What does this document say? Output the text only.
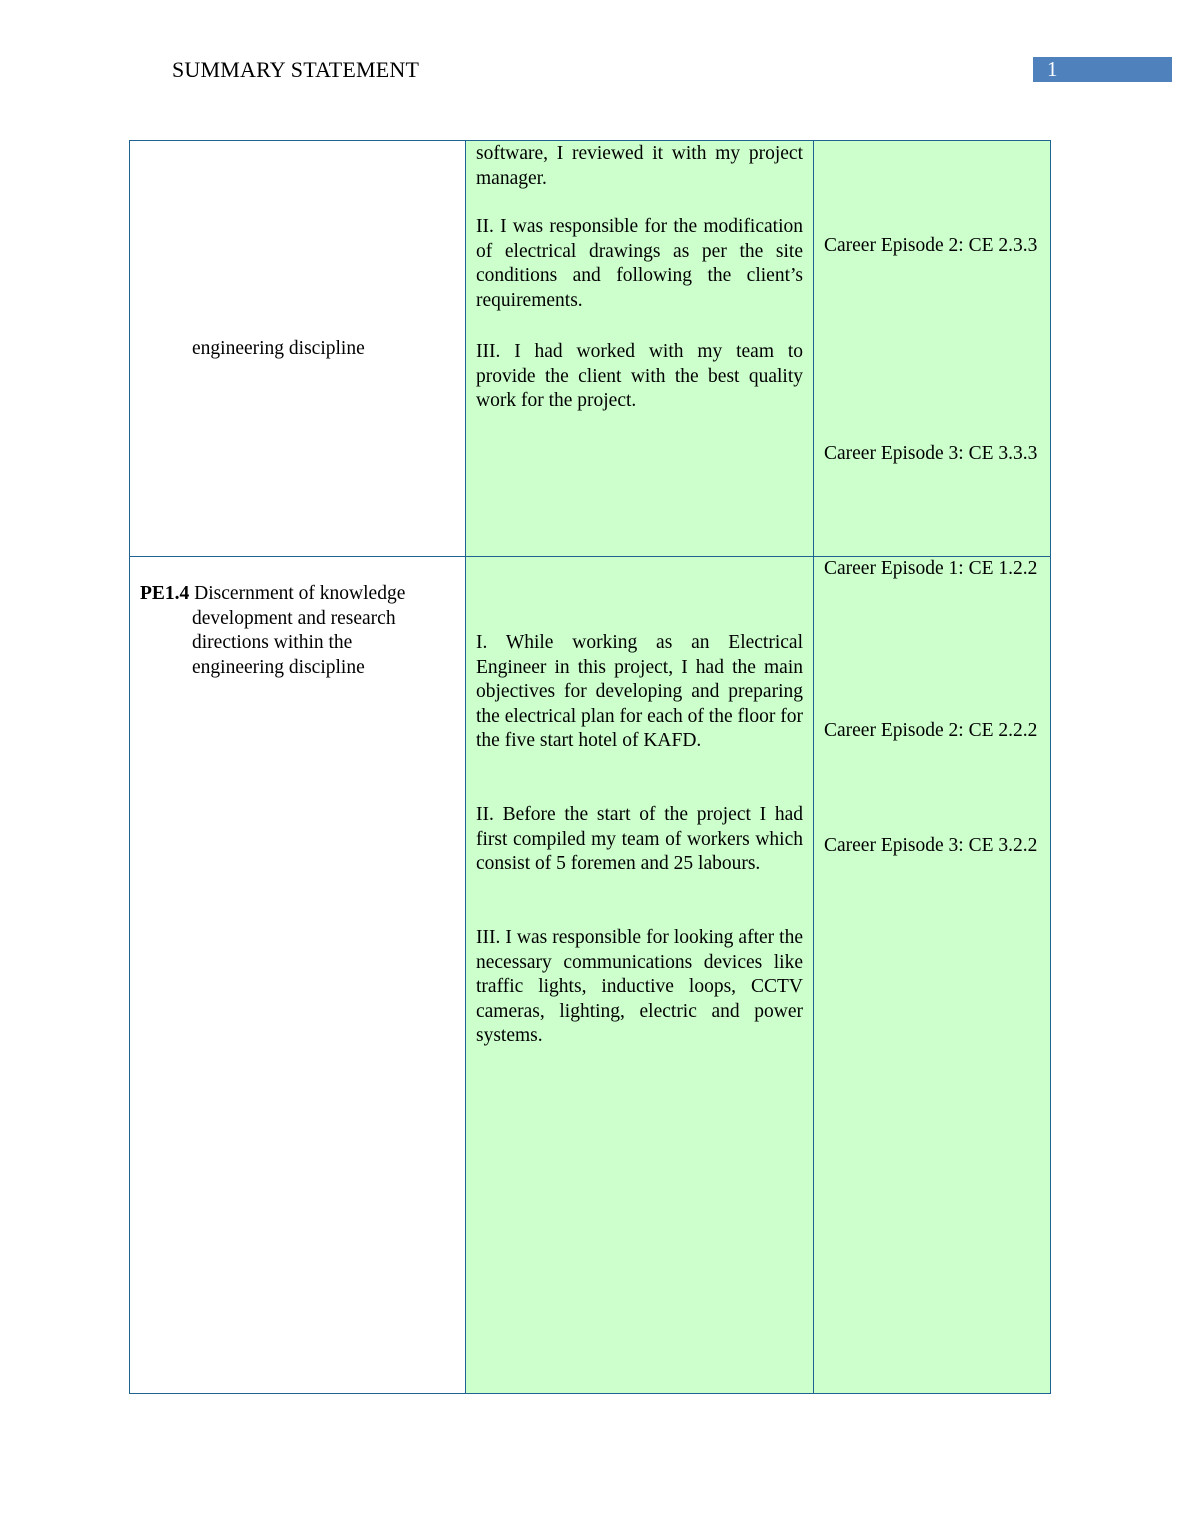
SUMMARY STATEMENT	1
engineering discipline

software, I reviewed it with my project manager.

II. I was responsible for the modification of electrical drawings as per the site conditions and following the client’s requirements.

III. I had worked with my team to provide the client with the best quality work for the project.

Career Episode 2: CE 2.3.3

Career Episode 3: CE 3.3.3

PE1.4 Discernment of knowledge
development and research
directions within the
engineering discipline

I. While working as an Electrical Engineer in this project, I had the main objectives for developing and preparing the electrical plan for each of the floor for the five start hotel of KAFD.

II. Before the start of the project I had first compiled my team of workers which consist of 5 foremen and 25 labours.

III. I was responsible for looking after the necessary communications devices like traffic lights, inductive loops, CCTV cameras, lighting, electric and power systems.

Career Episode 1: CE 1.2.2

Career Episode 2: CE 2.2.2

Career Episode 3: CE 3.2.2
